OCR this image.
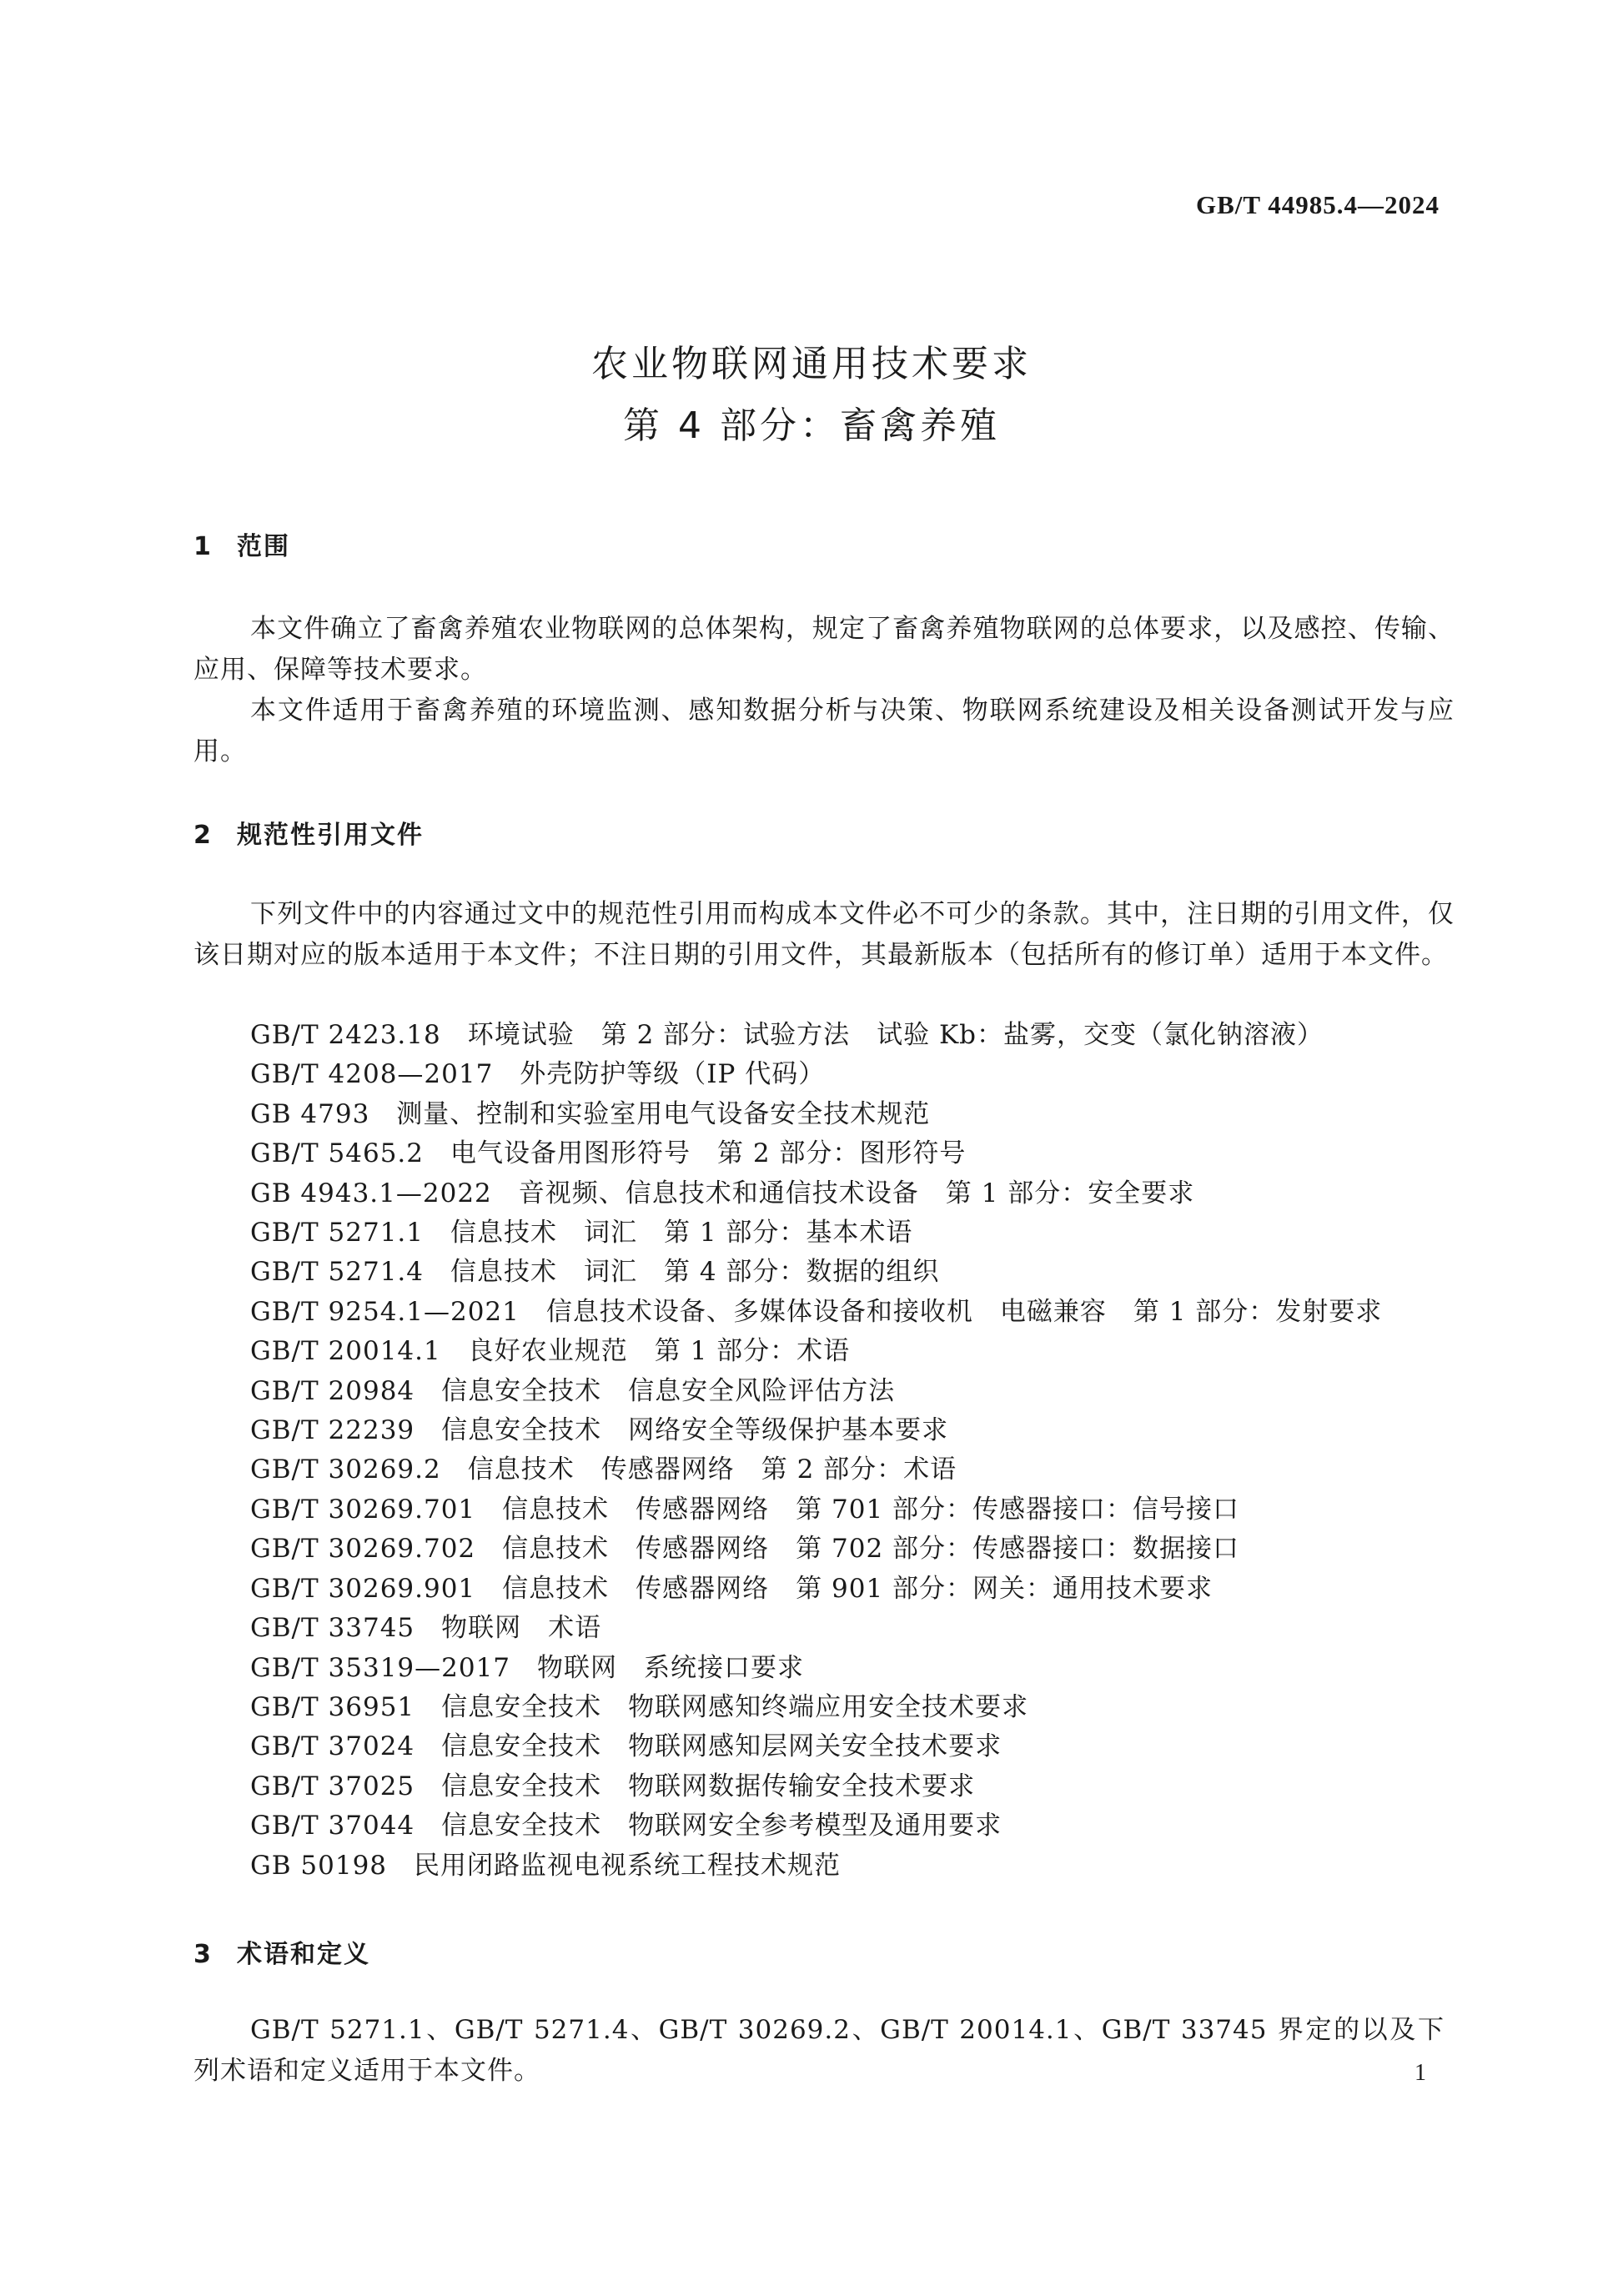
GB/T 44985.4—2024
农业物联网通用技术要求
第 4 部分：畜禽养殖
1 范围

本文件确立了畜禽养殖农业物联网的总体架构，规定了畜禽养殖物联网的总体要求，以及感控、传输、应用、保障等技术要求。

本文件适用于畜禽养殖的环境监测、感知数据分析与决策、物联网系统建设及相关设备测试开发与应用。

2 规范性引用文件

下列文件中的内容通过文中的规范性引用而构成本文件必不可少的条款。其中，注日期的引用文件，仅该日期对应的版本适用于本文件；不注日期的引用文件，其最新版本（包括所有的修订单）适用于本文件。

GB/T 2423.18　环境试验　第 2 部分：试验方法　试验 Kb：盐雾，交变（氯化钠溶液）
GB/T 4208—2017　外壳防护等级（IP 代码）
GB 4793　测量、控制和实验室用电气设备安全技术规范
GB/T 5465.2　电气设备用图形符号　第 2 部分：图形符号
GB 4943.1—2022　音视频、信息技术和通信技术设备　第 1 部分：安全要求
GB/T 5271.1　信息技术　词汇　第 1 部分：基本术语
GB/T 5271.4　信息技术　词汇　第 4 部分：数据的组织
GB/T 9254.1—2021　信息技术设备、多媒体设备和接收机　电磁兼容　第 1 部分：发射要求
GB/T 20014.1　良好农业规范　第 1 部分：术语
GB/T 20984　信息安全技术　信息安全风险评估方法
GB/T 22239　信息安全技术　网络安全等级保护基本要求
GB/T 30269.2　信息技术　传感器网络　第 2 部分：术语
GB/T 30269.701　信息技术　传感器网络　第 701 部分：传感器接口：信号接口
GB/T 30269.702　信息技术　传感器网络　第 702 部分：传感器接口：数据接口
GB/T 30269.901　信息技术　传感器网络　第 901 部分：网关：通用技术要求
GB/T 33745　物联网　术语
GB/T 35319—2017　物联网　系统接口要求
GB/T 36951　信息安全技术　物联网感知终端应用安全技术要求
GB/T 37024　信息安全技术　物联网感知层网关安全技术要求
GB/T 37025　信息安全技术　物联网数据传输安全技术要求
GB/T 37044　信息安全技术　物联网安全参考模型及通用要求
GB 50198　民用闭路监视电视系统工程技术规范
3 术语和定义

GB/T 5271.1、GB/T 5271.4、GB/T 30269.2、GB/T 20014.1、GB/T 33745 界定的以及下列术语和定义适用于本文件。	1
